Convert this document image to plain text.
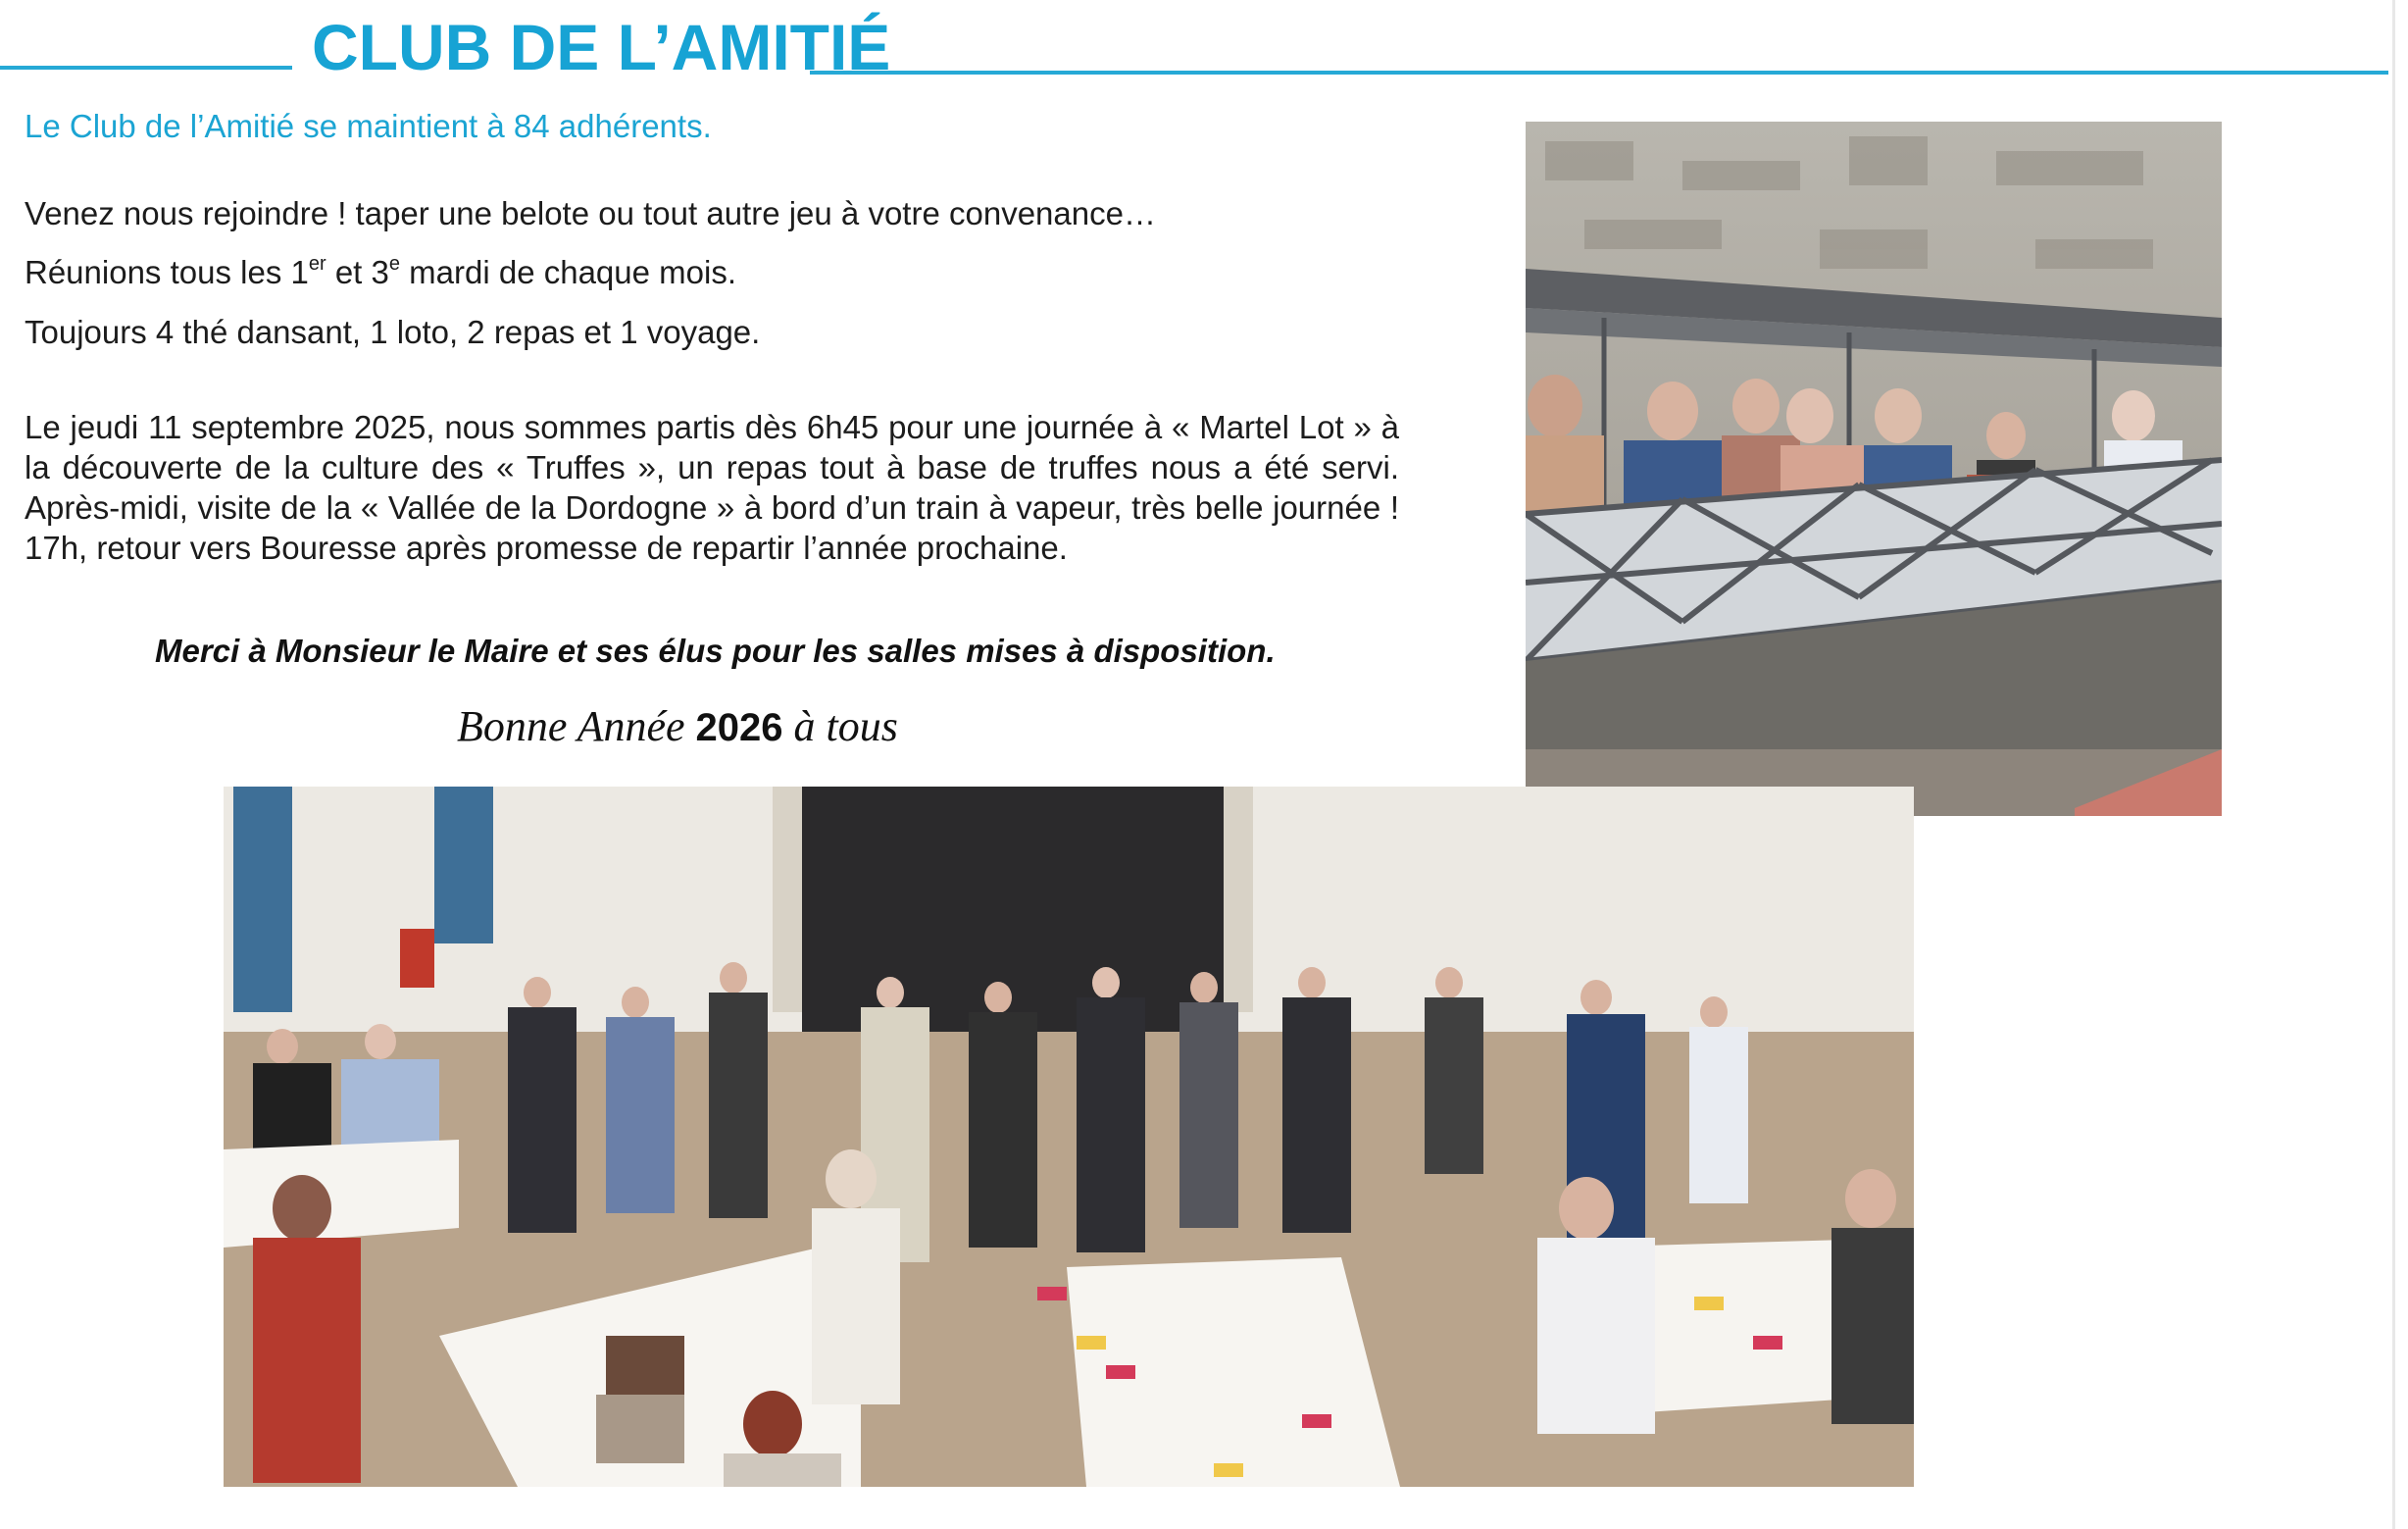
CLUB DE L’AMITIÉ
Le Club de l’Amitié se maintient à 84 adhérents.
Venez nous rejoindre ! taper une belote ou tout autre jeu à votre convenance…
Réunions tous les 1er et 3e mardi de chaque mois.
Toujours 4 thé dansant, 1 loto, 2 repas et 1 voyage.
Le jeudi 11 septembre 2025, nous sommes partis dès 6h45 pour une journée à « Martel Lot » à la découverte de la culture des « Truffes », un repas tout à base de truffes nous a été servi. Après-midi, visite de la « Vallée de la Dordogne » à bord d’un train à vapeur, très belle journée ! 17h, retour vers Bouresse après promesse de repartir l’année prochaine.
Merci à Monsieur le Maire et ses élus pour les salles mises à disposition.
Bonne Année 2026 à tous
